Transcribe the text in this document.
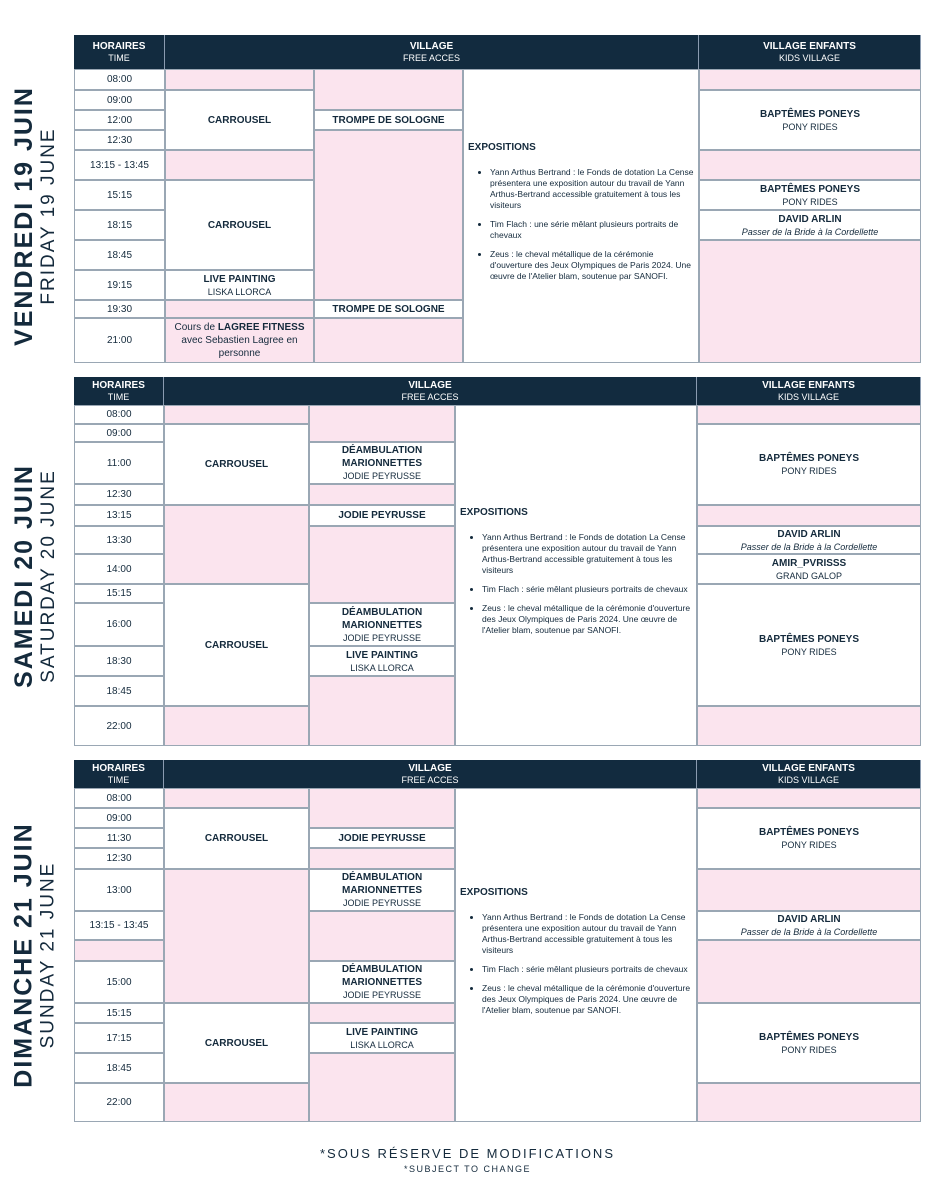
VENDREDI 19 JUIN FRIDAY 19 JUNE
HORAIRES
TIME
VILLAGE
FREE ACCES
VILLAGE ENFANTS
KIDS VILLAGE
08:00
09:00
12:00
12:30
13:15 - 13:45
15:15
18:15
18:45
19:15
19:30
21:00
CARROUSEL
CARROUSEL
LIVE PAINTING
LISKA LLORCA
Cours de LAGREE FITNESS
avec Sebastien Lagree en personne
TROMPE DE SOLOGNE
TROMPE DE SOLOGNE
EXPOSITIONS
• Yann Arthus Bertrand : le Fonds de dotation La Cense présentera une exposition autour du travail de Yann Arthus-Bertrand accessible gratuitement à tous les visiteurs
• Tim Flach : une série mêlant plusieurs portraits de chevaux
• Zeus : le cheval métallique de la cérémonie d'ouverture des Jeux Olympiques de Paris 2024. Une œuvre de l'Atelier blam, soutenue par SANOFI.
BAPTÊMES PONEYS
PONY RIDES
BAPTÊMES PONEYS
PONY RIDES
DAVID ARLIN
Passer de la Bride à la Cordellette
SAMEDI 20 JUIN SATURDAY 20 JUNE
HORAIRES
TIME
VILLAGE
FREE ACCES
VILLAGE ENFANTS
KIDS VILLAGE
08:00
09:00
11:00
12:30
13:15
13:30
14:00
15:15
16:00
18:30
18:45
22:00
CARROUSEL
CARROUSEL
DÉAMBULATION MARIONNETTES
JODIE PEYRUSSE
JODIE PEYRUSSE
DÉAMBULATION MARIONNETTES
JODIE PEYRUSSE
LIVE PAINTING
LISKA LLORCA
EXPOSITIONS
• Yann Arthus Bertrand : le Fonds de dotation La Cense présentera une exposition autour du travail de Yann Arthus-Bertrand accessible gratuitement à tous les visiteurs
• Tim Flach : série mêlant plusieurs portraits de chevaux
• Zeus : le cheval métallique de la cérémonie d'ouverture des Jeux Olympiques de Paris 2024. Une œuvre de l'Atelier blam, soutenue par SANOFI.
BAPTÊMES PONEYS
PONY RIDES
DAVID ARLIN
Passer de la Bride à la Cordellette
AMIR_PVRISSS
GRAND GALOP
BAPTÊMES PONEYS
PONY RIDES
DIMANCHE 21 JUIN SUNDAY 21 JUNE
HORAIRES
TIME
VILLAGE
FREE ACCES
VILLAGE ENFANTS
KIDS VILLAGE
08:00
09:00
11:30
12:30
13:00
13:15 - 13:45
15:00
15:15
17:15
18:45
22:00
CARROUSEL
CARROUSEL
JODIE PEYRUSSE
DÉAMBULATION MARIONNETTES
JODIE PEYRUSSE
DÉAMBULATION MARIONNETTES
JODIE PEYRUSSE
LIVE PAINTING
LISKA LLORCA
EXPOSITIONS
• Yann Arthus Bertrand : le Fonds de dotation La Cense présentera une exposition autour du travail de Yann Arthus-Bertrand accessible gratuitement à tous les visiteurs
• Tim Flach : série mêlant plusieurs portraits de chevaux
• Zeus : le cheval métallique de la cérémonie d'ouverture des Jeux Olympiques de Paris 2024. Une œuvre de l'Atelier blam, soutenue par SANOFI.
BAPTÊMES PONEYS
PONY RIDES
DAVID ARLIN
Passer de la Bride à la Cordellette
BAPTÊMES PONEYS
PONY RIDES
*SOUS RÉSERVE DE MODIFICATIONS
*SUBJECT TO CHANGE
